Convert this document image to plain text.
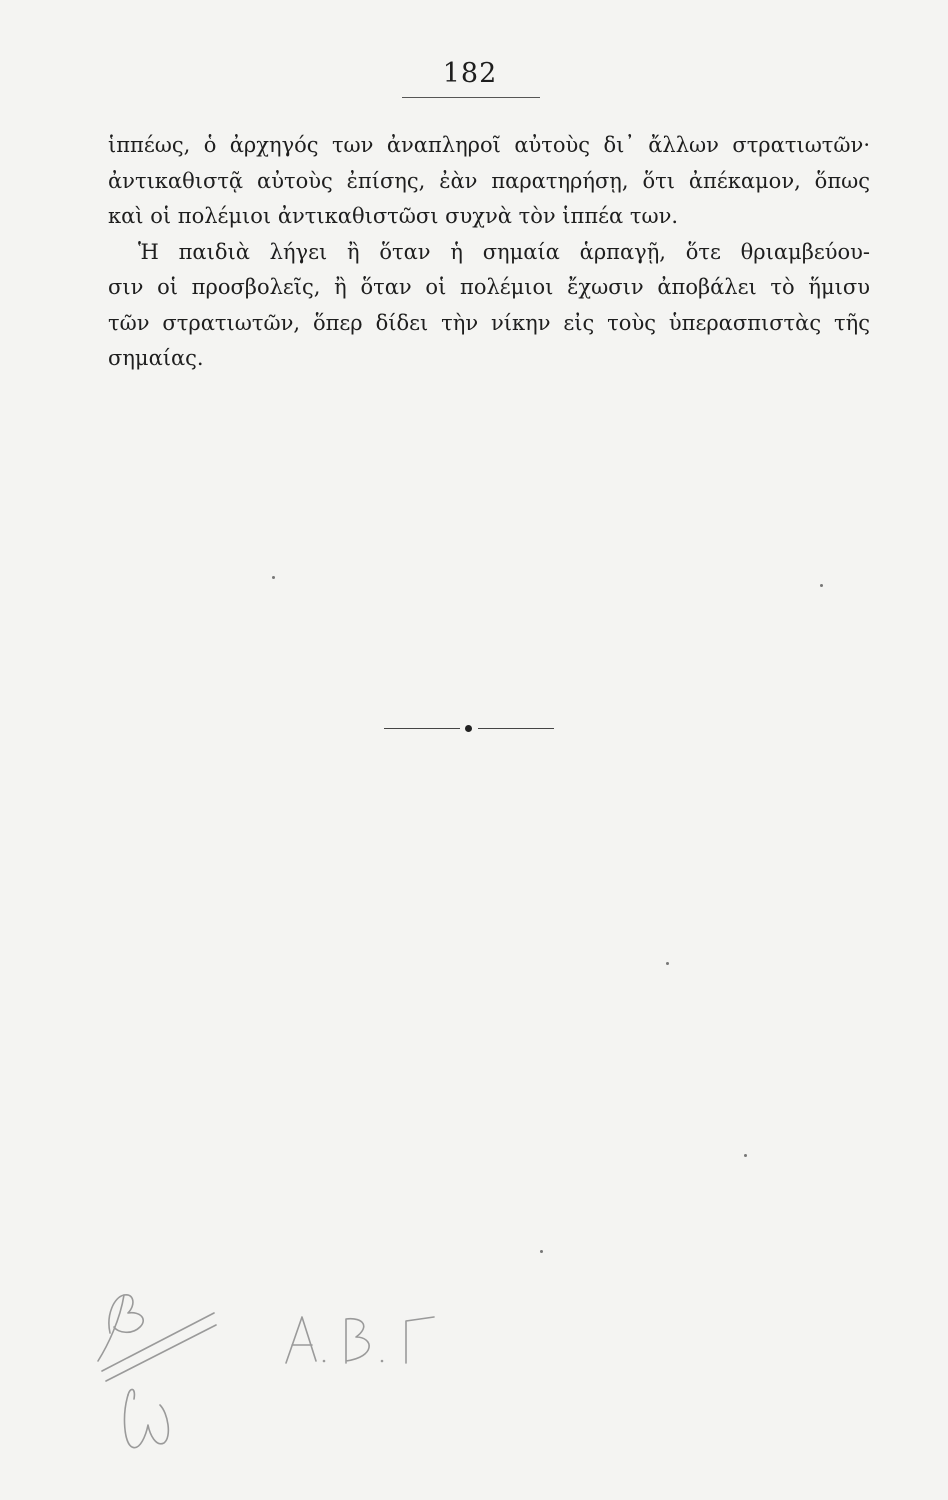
182
ἱππέως, ὁ ἀρχηγός των ἀναπληροῖ αὐτοὺς δι᾽ ἄλλων στρατιωτῶν·
ἀντικαθιστᾷ αὐτοὺς ἐπίσης, ἐὰν παρατηρήσῃ, ὅτι ἀπέκαμον, ὅπως
καὶ οἱ πολέμιοι ἀντικαθιστῶσι συχνὰ τὸν ἱππέα των.
Ἡ παιδιὰ λήγει ἢ ὅταν ἡ σημαία ἁρπαγῇ, ὅτε θριαμβεύου-
σιν οἱ προσβολεῖς, ἢ ὅταν οἱ πολέμιοι ἔχωσιν ἀποβάλει τὸ ἥμισυ
τῶν στρατιωτῶν, ὅπερ δίδει τὴν νίκην εἰς τοὺς ὑπερασπιστὰς τῆς
σημαίας.
